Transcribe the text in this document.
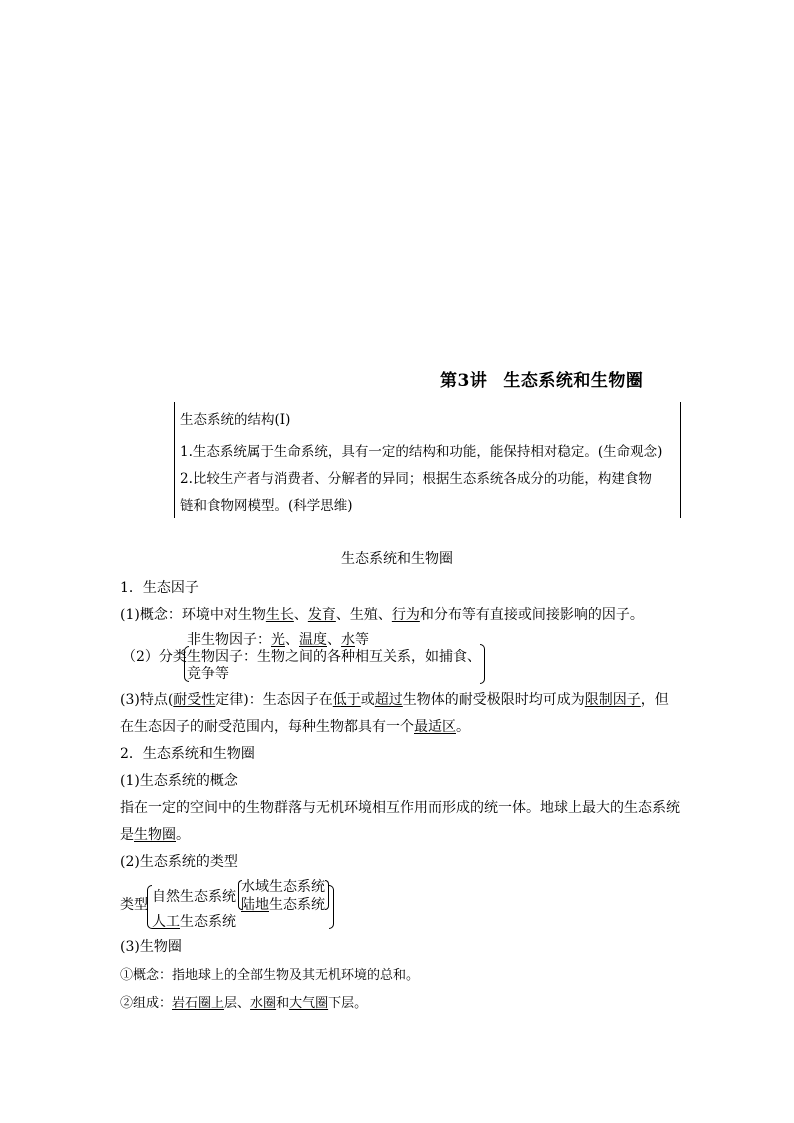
第3讲 生态系统和生物圈
生态系统的结构(Ⅰ)
1.生态系统属于生命系统，具有一定的结构和功能，能保持相对稳定。(生命观念)
2.比较生产者与消费者、分解者的异同；根据生态系统各成分的功能，构建食物
链和食物网模型。(科学思维)
生态系统和生物圈
1．生态因子
(1)概念：环境中对生物生长、发育、生殖、行为和分布等有直接或间接影响的因子。
（2）分类
非生物因子：光、温度、水等
生物因子：生物之间的各种相互关系，如捕食、
竞争等
(3)特点(耐受性定律)：生态因子在低于或超过生物体的耐受极限时均可成为限制因子，但
在生态因子的耐受范围内，每种生物都具有一个最适区。
2．生态系统和生物圈
(1)生态系统的概念
指在一定的空间中的生物群落与无机环境相互作用而形成的统一体。地球上最大的生态系统
是生物圈。
(2)生态系统的类型
类型 自然生态系统
水域生态系统
陆地生态系统
人工生态系统
(3)生物圈
①概念：指地球上的全部生物及其无机环境的总和。
②组成：岩石圈上层、水圈和大气圈下层。
